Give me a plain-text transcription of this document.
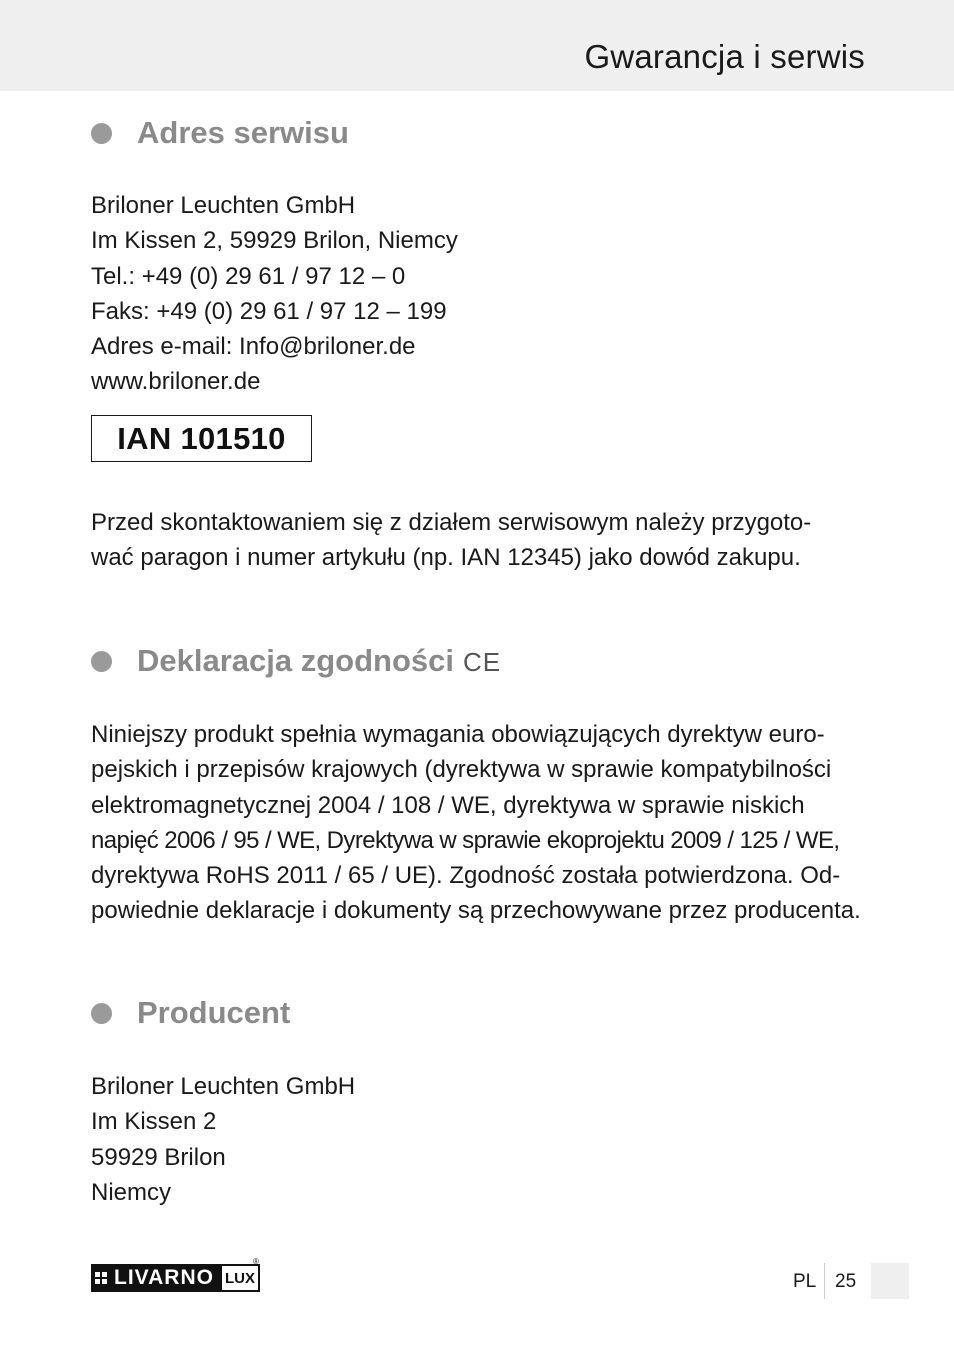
Gwarancja i serwis
Adres serwisu
Briloner Leuchten GmbH
Im Kissen 2, 59929 Brilon, Niemcy
Tel.: +49 (0) 29 61 / 97 12 – 0
Faks: +49 (0) 29 61 / 97 12 – 199
Adres e-mail: Info@briloner.de
www.briloner.de
IAN 101510
Przed skontaktowaniem się z działem serwisowym należy przygoto-
wać paragon i numer artykułu (np. IAN 12345) jako dowód zakupu.
Deklaracja zgodności CE
Niniejszy produkt spełnia wymagania obowiązujących dyrektyw euro-
pejskich i przepisów krajowych (dyrektywa w sprawie kompatybilności
elektromagnetycznej 2004 / 108 / WE, dyrektywa w sprawie niskich
napięć 2006 / 95 / WE, Dyrektywa w sprawie ekoprojektu 2009 / 125 / WE,
dyrektywa RoHS 2011 / 65 / UE). Zgodność została potwierdzona. Od-
powiednie deklaracje i dokumenty są przechowywane przez producenta.
Producent
Briloner Leuchten GmbH
Im Kissen 2
59929 Brilon
Niemcy
LIVARNO LUX
®
PL 25
